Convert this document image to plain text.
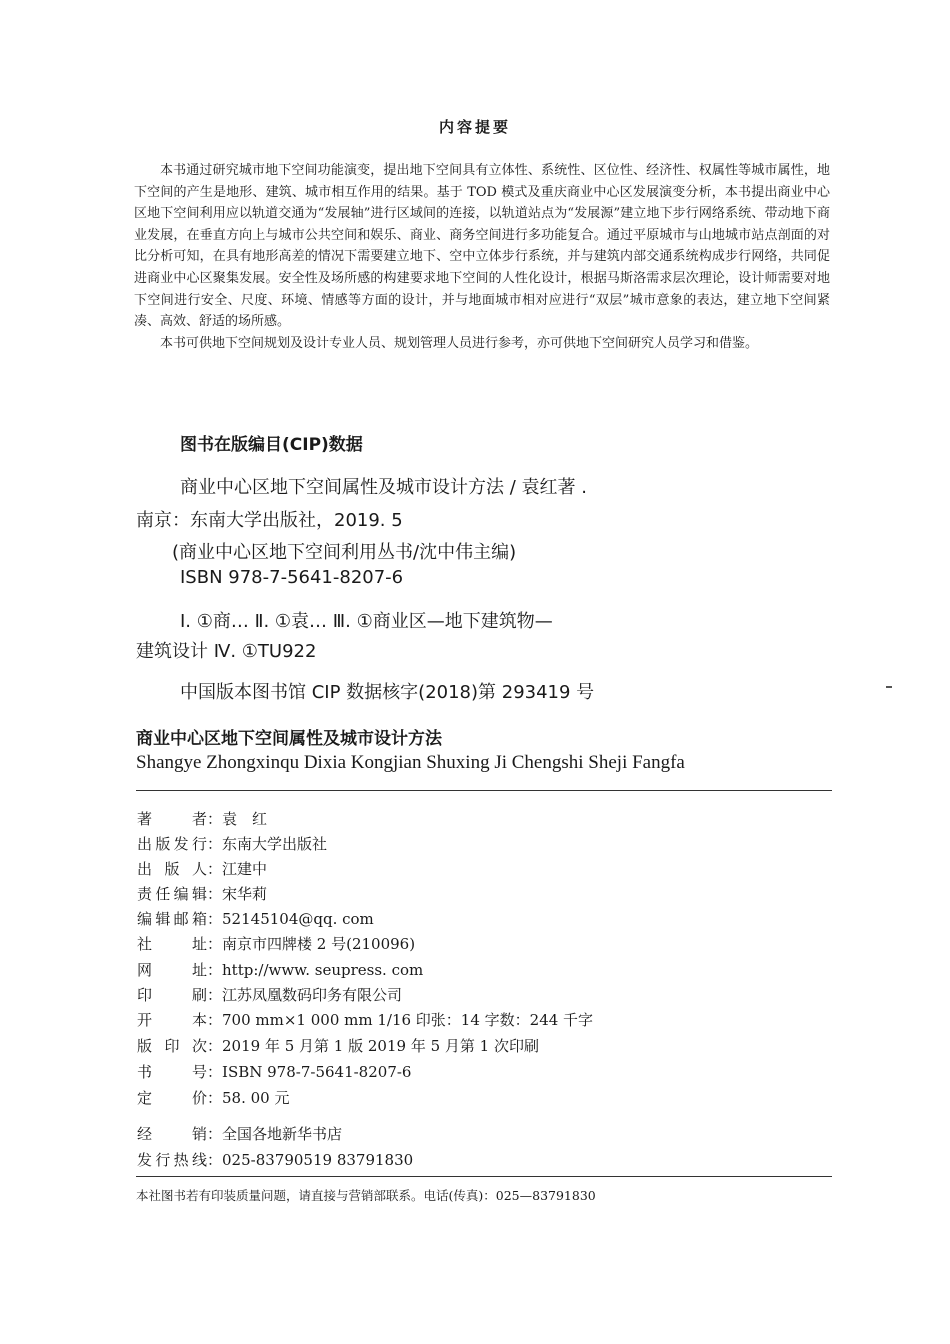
内容提要

本书通过研究城市地下空间功能演变，提出地下空间具有立体性、系统性、区位性、经济性、权属性等城市属性，地下空间的产生是地形、建筑、城市相互作用的结果。基于 TOD 模式及重庆商业中心区发展演变分析，本书提出商业中心区地下空间利用应以轨道交通为“发展轴”进行区域间的连接，以轨道站点为“发展源”建立地下步行网络系统、带动地下商业发展，在垂直方向上与城市公共空间和娱乐、商业、商务空间进行多功能复合。通过平原城市与山地城市站点剖面的对比分析可知，在具有地形高差的情况下需要建立地下、空中立体步行系统，并与建筑内部交通系统构成步行网络，共同促进商业中心区聚集发展。安全性及场所感的构建要求地下空间的人性化设计，根据马斯洛需求层次理论，设计师需要对地下空间进行安全、尺度、环境、情感等方面的设计，并与地面城市相对应进行“双层”城市意象的表达，建立地下空间紧凑、高效、舒适的场所感。

本书可供地下空间规划及设计专业人员、规划管理人员进行参考，亦可供地下空间研究人员学习和借鉴。

图书在版编目(CIP)数据
商业中心区地下空间属性及城市设计方法 / 袁红著 .
南京：东南大学出版社，2019. 5
(商业中心区地下空间利用丛书/沈中伟主编)
ISBN 978-7-5641-8207-6
Ⅰ. ①商… Ⅱ. ①袁… Ⅲ. ①商业区—地下建筑物—
建筑设计 Ⅳ. ①TU922
中国版本图书馆 CIP 数据核字(2018)第 293419 号
商业中心区地下空间属性及城市设计方法
Shangye Zhongxinqu Dixia Kongjian Shuxing Ji Chengshi Sheji Fangfa
著者：袁　红
出版发行：东南大学出版社
出版人：江建中
责任编辑：宋华莉
编辑邮箱：52145104@qq. com
社址：南京市四牌楼 2 号(210096)
网址：http://www. seupress. com
印刷：江苏凤凰数码印务有限公司
开本：700 mm×1 000 mm 1/16 印张：14 字数：244 千字
版印次：2019 年 5 月第 1 版 2019 年 5 月第 1 次印刷
书号：ISBN 978-7-5641-8207-6
定价：58. 00 元
经销：全国各地新华书店
发行热线：025-83790519 83791830
本社图书若有印装质量问题，请直接与营销部联系。电话(传真)：025—83791830
